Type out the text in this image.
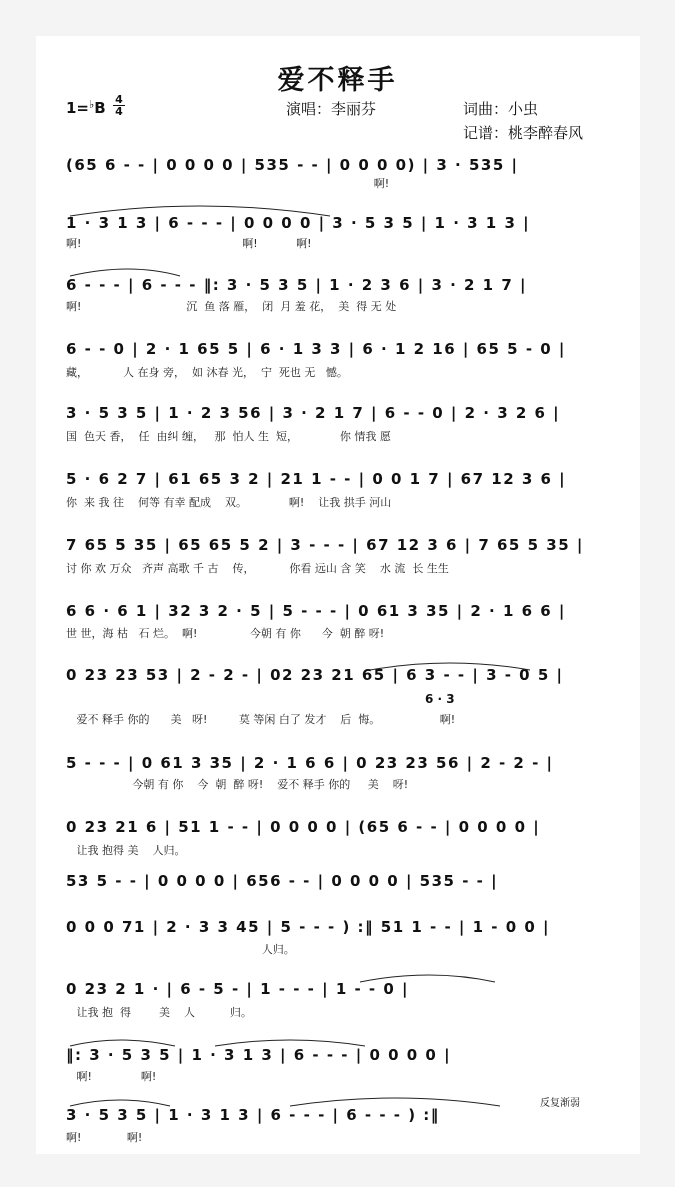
爱不释手
1=♭B 4
4	演唱：李丽芬	词曲：小虫
记谱：桃李醉春风
(65 6 - - | 0 0 0 0 | 535 - - | 0 0 0 0) | 3 · 535 |
啊!
1 · 3 1 3 | 6 - - - | 0 0 0 0 | 3 · 5 3 5 | 1 · 3 1 3 |
啊!                                              啊!           啊!
6 - - - | 6 - - - ‖: 3 · 5 3 5 | 1 · 2 3 6 | 3 · 2 1 7 |
啊!                              沉  鱼 落 雁，  闭  月 羞 花，  美  得 无 处
6 - - 0 | 2 · 1 65 5 | 6 · 1 3 3 | 6 · 1 2 16 | 65 5 - 0 |
藏，          人 在身 旁，  如 沐春 光，  宁  死也 无   憾。
3 · 5 3 5 | 1 · 2 3 56 | 3 · 2 1 7 | 6 - - 0 | 2 · 3 2 6 |
国  色天 香，  任  由纠 缠，   那  怕人 生  短，            你 情我 愿
5 · 6 2 7 | 61 65 3 2 | 21 1 - - | 0 0 1 7 | 67 12 3 6 |
你  来 我 往    何等 有幸 配成    双。            啊!    让我 拱手 河山
7 65 5 35 | 65 65 5 2 | 3 - - - | 67 12 3 6 | 7 65 5 35 |
讨 你 欢 万众   齐声 高歌 千 古    传，          你看 远山 含 笑    水 流  长 生生
6 6 · 6 1 | 32 3 2 · 5 | 5 - - - | 0 61 3 35 | 2 · 1 6 6 |
世 世，海 枯   石 烂。  啊!               今朝 有 你      今  朝 醉 呀!
0 23 23 53 | 2 - 2 - | 02 23 21 65 | 6 3 - - | 3 - 0 5 |
6 · 3
爱不 释手 你的      美   呀!         莫 等闲 白了 发才    后  悔。                 啊!
5 - - - | 0 61 3 35 | 2 · 1 6 6 | 0 23 23 56 | 2 - 2 - |
今朝 有 你    今  朝  醉 呀!    爱不 释手 你的     美    呀!
0 23 21 6 | 51 1 - - | 0 0 0 0 | (65 6 - - | 0 0 0 0 |
让我 抱得 美    人归。
53 5 - - | 0 0 0 0 | 656 - - | 0 0 0 0 | 535 - - |
0 0 0 71 | 2 · 3 3 45 | 5 - - - ) :‖ 51 1 - - | 1 - 0 0 |
人归。
0 23 2 1 · | 6 - 5 - | 1 - - - | 1 - - 0 |
让我 抱  得        美    人          归。
‖: 3 · 5 3 5 | 1 · 3 1 3 | 6 - - - | 0 0 0 0 |
啊!              啊!
反复渐弱
3 · 5 3 5 | 1 · 3 1 3 | 6 - - - | 6 - - - ) :‖
啊!             啊!
